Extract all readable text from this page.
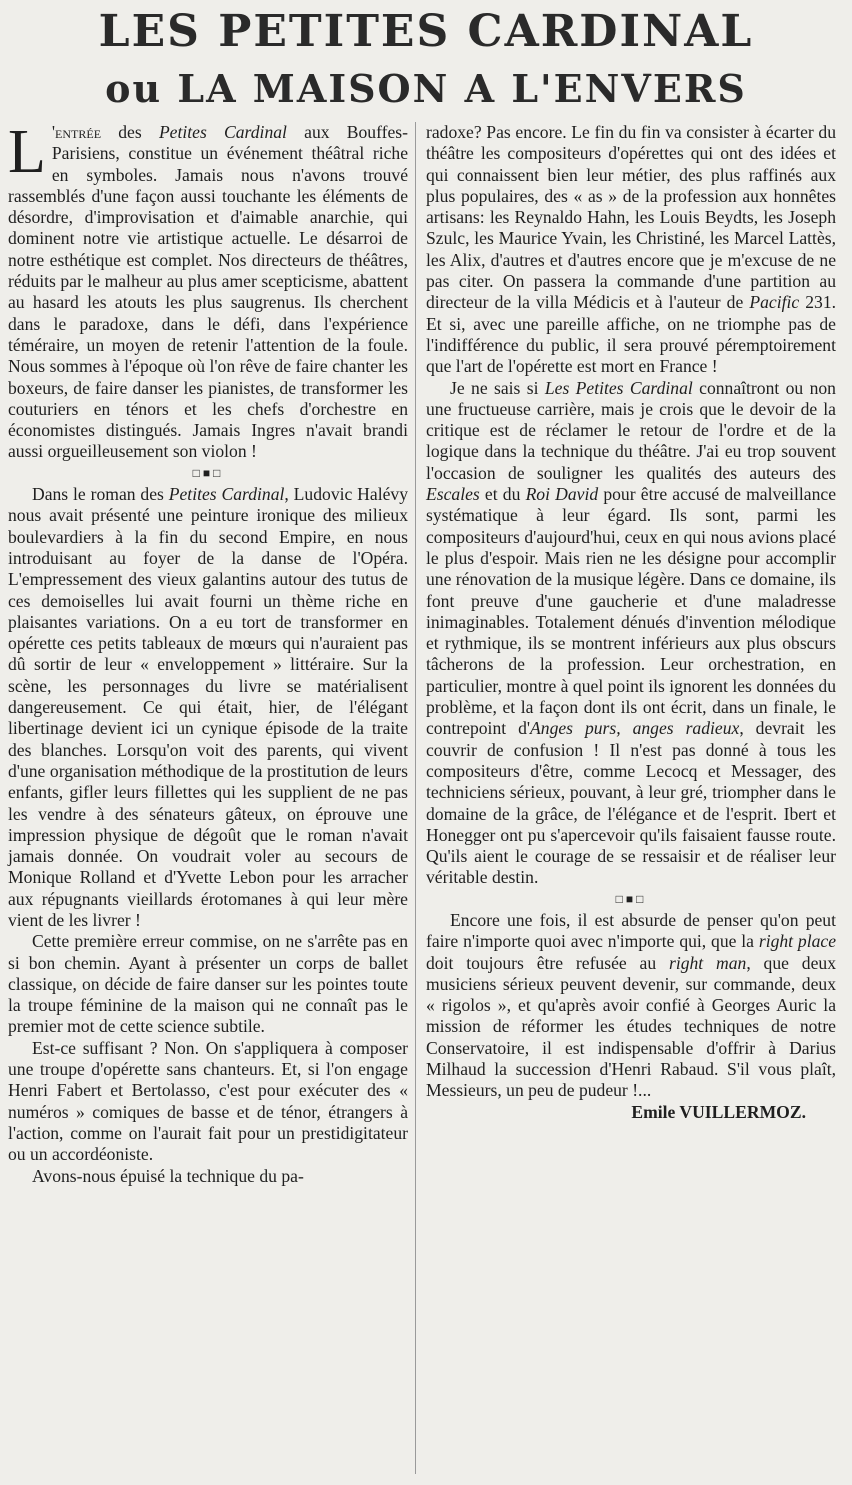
LES PETITES CARDINAL
ou LA MAISON A L'ENVERS

L 'entrée des Petites Cardinal aux Bouffes-Parisiens, constitue un événement théâtral riche en symboles. Jamais nous n'avons trouvé rassemblés d'une façon aussi touchante les éléments de désordre, d'improvisation et d'aimable anarchie, qui dominent notre vie artistique actuelle. Le désarroi de notre esthétique est complet. Nos directeurs de théâtres, réduits par le malheur au plus amer scepticisme, abattent au hasard les atouts les plus saugrenus. Ils cherchent dans le paradoxe, dans le défi, dans l'expérience téméraire, un moyen de retenir l'attention de la foule. Nous sommes à l'époque où l'on rêve de faire chanter les boxeurs, de faire danser les pianistes, de transformer les couturiers en ténors et les chefs d'orchestre en économistes distingués. Jamais Ingres n'avait brandi aussi orgueilleusement son violon !

□■□

Dans le roman des Petites Cardinal, Ludovic Halévy nous avait présenté une peinture ironique des milieux boulevardiers à la fin du second Empire, en nous introduisant au foyer de la danse de l'Opéra. L'empressement des vieux galantins autour des tutus de ces demoiselles lui avait fourni un thème riche en plaisantes variations. On a eu tort de transformer en opérette ces petits tableaux de mœurs qui n'auraient pas dû sortir de leur « enveloppement » littéraire. Sur la scène, les personnages du livre se matérialisent dangereusement. Ce qui était, hier, de l'élégant libertinage devient ici un cynique épisode de la traite des blanches. Lorsqu'on voit des parents, qui vivent d'une organisation méthodique de la prostitution de leurs enfants, gifler leurs fillettes qui les supplient de ne pas les vendre à des sénateurs gâteux, on éprouve une impression physique de dégoût que le roman n'avait jamais donnée. On voudrait voler au secours de Monique Rolland et d'Yvette Lebon pour les arracher aux répugnants vieillards érotomanes à qui leur mère vient de les livrer !

Cette première erreur commise, on ne s'arrête pas en si bon chemin. Ayant à présenter un corps de ballet classique, on décide de faire danser sur les pointes toute la troupe féminine de la maison qui ne connaît pas le premier mot de cette science subtile.

Est-ce suffisant ? Non. On s'appliquera à composer une troupe d'opérette sans chanteurs. Et, si l'on engage Henri Fabert et Bertolasso, c'est pour exécuter des « numéros » comiques de basse et de ténor, étrangers à l'action, comme on l'aurait fait pour un prestidigitateur ou un accordéoniste.

Avons-nous épuisé la technique du pa-

radoxe? Pas encore. Le fin du fin va consister à écarter du théâtre les compositeurs d'opérettes qui ont des idées et qui connaissent bien leur métier, des plus raffinés aux plus populaires, des « as » de la profession aux honnêtes artisans: les Reynaldo Hahn, les Louis Beydts, les Joseph Szulc, les Maurice Yvain, les Christiné, les Marcel Lattès, les Alix, d'autres et d'autres encore que je m'excuse de ne pas citer. On passera la commande d'une partition au directeur de la villa Médicis et à l'auteur de Pacific 231. Et si, avec une pareille affiche, on ne triomphe pas de l'indifférence du public, il sera prouvé péremptoirement que l'art de l'opérette est mort en France !

Je ne sais si Les Petites Cardinal connaîtront ou non une fructueuse carrière, mais je crois que le devoir de la critique est de réclamer le retour de l'ordre et de la logique dans la technique du théâtre. J'ai eu trop souvent l'occasion de souligner les qualités des auteurs des Escales et du Roi David pour être accusé de malveillance systématique à leur égard. Ils sont, parmi les compositeurs d'aujourd'hui, ceux en qui nous avions placé le plus d'espoir. Mais rien ne les désigne pour accomplir une rénovation de la musique légère. Dans ce domaine, ils font preuve d'une gaucherie et d'une maladresse inimaginables. Totalement dénués d'invention mélodique et rythmique, ils se montrent inférieurs aux plus obscurs tâcherons de la profession. Leur orchestration, en particulier, montre à quel point ils ignorent les données du problème, et la façon dont ils ont écrit, dans un finale, le contrepoint d'Anges purs, anges radieux, devrait les couvrir de confusion ! Il n'est pas donné à tous les compositeurs d'être, comme Lecocq et Messager, des techniciens sérieux, pouvant, à leur gré, triompher dans le domaine de la grâce, de l'élégance et de l'esprit. Ibert et Honegger ont pu s'apercevoir qu'ils faisaient fausse route. Qu'ils aient le courage de se ressaisir et de réaliser leur véritable destin.

□■□

Encore une fois, il est absurde de penser qu'on peut faire n'importe quoi avec n'importe qui, que la right place doit toujours être refusée au right man, que deux musiciens sérieux peuvent devenir, sur commande, deux « rigolos », et qu'après avoir confié à Georges Auric la mission de réformer les études techniques de notre Conservatoire, il est indispensable d'offrir à Darius Milhaud la succession d'Henri Rabaud. S'il vous plaît, Messieurs, un peu de pudeur !...

Emile VUILLERMOZ.
